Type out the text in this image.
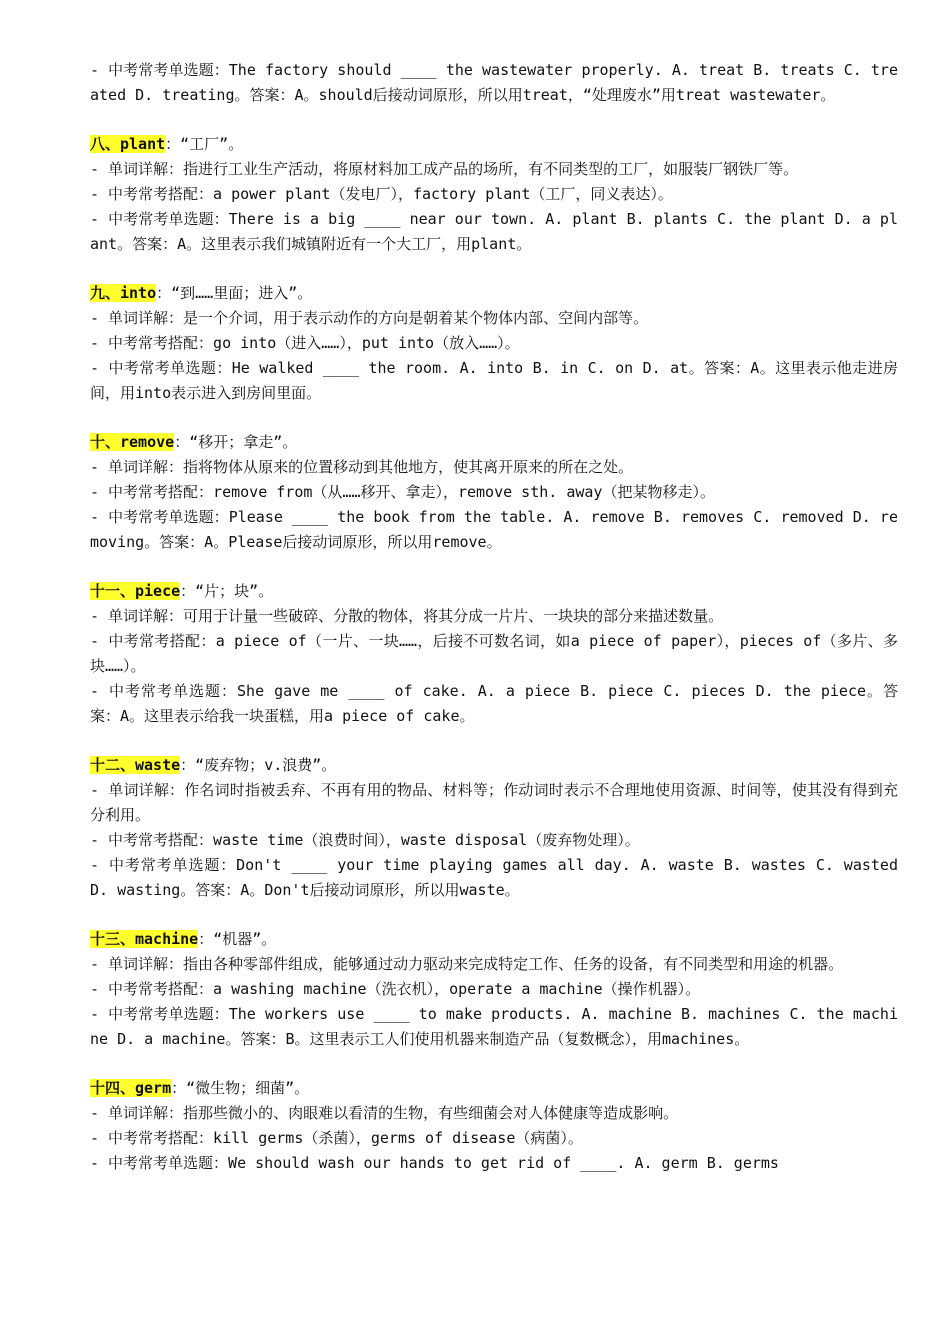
- 中考常考单选题：The factory should ____ the wastewater properly. A. treat B. treats C. treated D. treating。答案：A。should后接动词原形，所以用treat，“处理废水”用treat wastewater。

八、plant：“工厂”。

- 单词详解：指进行工业生产活动，将原材料加工成产品的场所，有不同类型的工厂，如服装厂钢铁厂等。

- 中考常考搭配：a power plant（发电厂），factory plant（工厂，同义表达）。

- 中考常考单选题：There is a big ____ near our town. A. plant B. plants C. the plant D. a plant。答案：A。这里表示我们城镇附近有一个大工厂，用plant。

九、into：“到……里面；进入”。

- 单词详解：是一个介词，用于表示动作的方向是朝着某个物体内部、空间内部等。

- 中考常考搭配：go into（进入……），put into（放入……）。

- 中考常考单选题：He walked ____ the room. A. into B. in C. on D. at。答案：A。这里表示他走进房间，用into表示进入到房间里面。

十、remove：“移开；拿走”。

- 单词详解：指将物体从原来的位置移动到其他地方，使其离开原来的所在之处。

- 中考常考搭配：remove from（从……移开、拿走），remove sth. away（把某物移走）。

- 中考常考单选题：Please ____ the book from the table. A. remove B. removes C. removed D. removing。答案：A。Please后接动词原形，所以用remove。

十一、piece：“片；块”。

- 单词详解：可用于计量一些破碎、分散的物体，将其分成一片片、一块块的部分来描述数量。

- 中考常考搭配：a piece of（一片、一块……，后接不可数名词，如a piece of paper），pieces of（多片、多块……）。

- 中考常考单选题：She gave me ____ of cake. A. a piece B. piece C. pieces D. the piece。答案：A。这里表示给我一块蛋糕，用a piece of cake。

十二、waste：“废弃物；v.浪费”。

- 单词详解：作名词时指被丢弃、不再有用的物品、材料等；作动词时表示不合理地使用资源、时间等，使其没有得到充分利用。

- 中考常考搭配：waste time（浪费时间），waste disposal（废弃物处理）。

- 中考常考单选题：Don't ____ your time playing games all day. A. waste B. wastes C. wasted D. wasting。答案：A。Don't后接动词原形，所以用waste。

十三、machine：“机器”。

- 单词详解：指由各种零部件组成，能够通过动力驱动来完成特定工作、任务的设备，有不同类型和用途的机器。

- 中考常考搭配：a washing machine（洗衣机），operate a machine（操作机器）。

- 中考常考单选题：The workers use ____ to make products. A. machine B. machines C. the machine D. a machine。答案：B。这里表示工人们使用机器来制造产品（复数概念），用machines。

十四、germ：“微生物；细菌”。

- 单词详解：指那些微小的、肉眼难以看清的生物，有些细菌会对人体健康等造成影响。

- 中考常考搭配：kill germs（杀菌），germs of disease（病菌）。

- 中考常考单选题：We should wash our hands to get rid of ____. A. germ B. germs
